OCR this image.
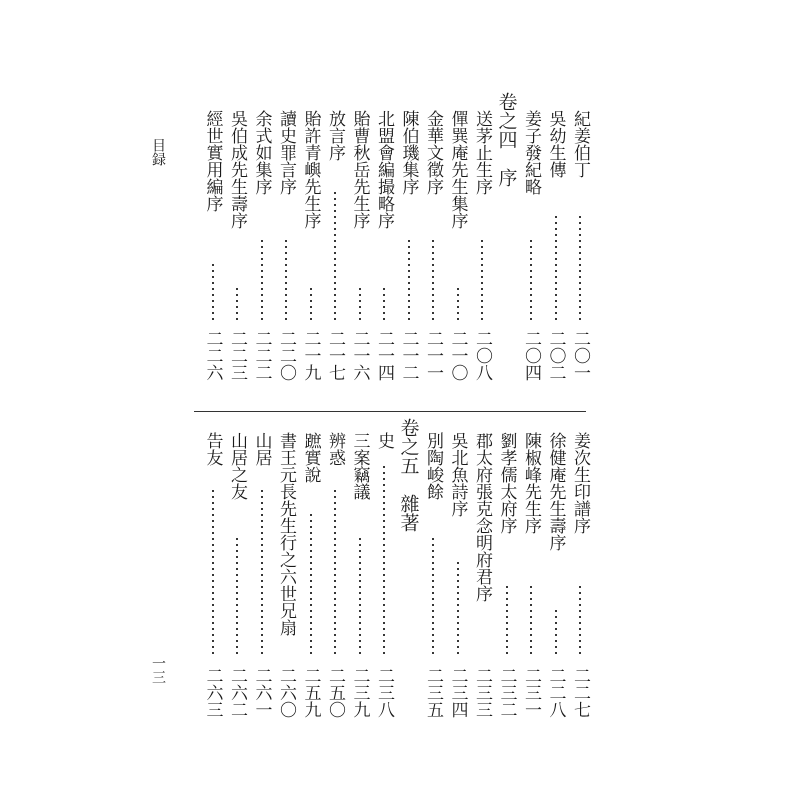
目録
一三
紀姜伯丁
二〇一
吳幼生傳
二〇二
姜子發紀略
二〇四
卷之四　序
送茅止生序
二〇八
僤巽庵先生集序
二一〇
金華文徵序
二一一
陳伯璣集序
二一二
北盟會編撮略序
二一四
貽曹秋岳先生序
二一六
放言序
二一七
貽許青嶼先生序
二一九
讀史罪言序
二二〇
余式如集序
二二二
吳伯成先生壽序
二二三
經世實用編序
二二六
姜次生印譜序
二二七
徐健庵先生壽序
二二八
陳椒峰先生序
二三一
劉孝儒太府序
二三二
郡太府張克念明府君序
二三三
吳北魚詩序
二三四
別陶峻餘
二三五
卷之五　雜著
史
二三八
三案竊議
二三九
辨惑
二五〇
蹠實說
二五九
書王元長先生行之六世兄扇
二六〇
山居
二六一
山居之友
二六二
告友
二六三
